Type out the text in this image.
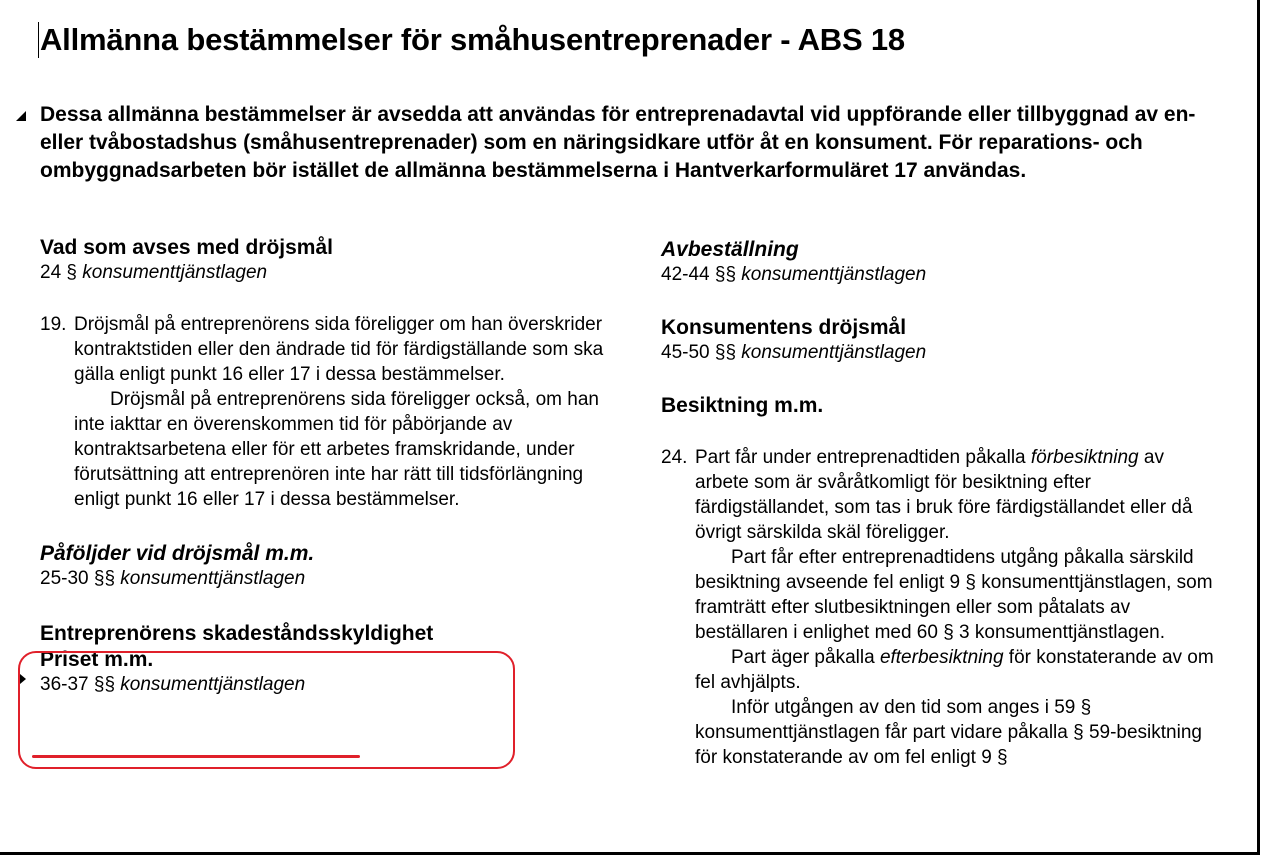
Allmänna bestämmelser för småhusentreprenader - ABS 18
Dessa allmänna bestämmelser är avsedda att användas för entreprenadavtal vid uppförande eller tillbyggnad av en- eller tvåbostadshus (småhusentreprenader) som en näringsidkare utför åt en konsument. För reparations- och ombyggnadsarbeten bör istället de allmänna bestämmelserna i Hantverkarformuläret 17 användas.
Vad som avses med dröjsmål
24 § konsumenttjänstlagen
19. Dröjsmål på entreprenörens sida föreligger om han överskrider kontraktstiden eller den ändrade tid för färdigställande som ska gälla enligt punkt 16 eller 17 i dessa bestämmelser.
Dröjsmål på entreprenörens sida föreligger också, om han inte iakttar en överenskommen tid för påbörjande av kontraktsarbetena eller för ett arbetes framskridande, under förutsättning att entreprenören inte har rätt till tidsförlängning enligt punkt 16 eller 17 i dessa bestämmelser.
Påföljder vid dröjsmål m.m.
25-30 §§ konsumenttjänstlagen
Entreprenörens skadeståndsskyldighet
Priset m.m.
36-37 §§ konsumenttjänstlagen
Avbeställning
42-44 §§ konsumenttjänstlagen
Konsumentens dröjsmål
45-50 §§ konsumenttjänstlagen
Besiktning m.m.
24. Part får under entreprenadtiden påkalla förbesiktning av arbete som är svåråtkomligt för besiktning efter färdigställandet, som tas i bruk före färdigställandet eller då övrigt särskilda skäl föreligger.
Part får efter entreprenadtidens utgång påkalla särskild besiktning avseende fel enligt 9 § konsumenttjänstlagen, som framträtt efter slutbesiktningen eller som påtalats av beställaren i enlighet med 60 § 3 konsumenttjänstlagen.
Part äger påkalla efterbesiktning för konstaterande av om fel avhjälpts.
Inför utgången av den tid som anges i 59 § konsumenttjänstlagen får part vidare påkalla § 59-besiktning för konstaterande av om fel enligt 9 §
